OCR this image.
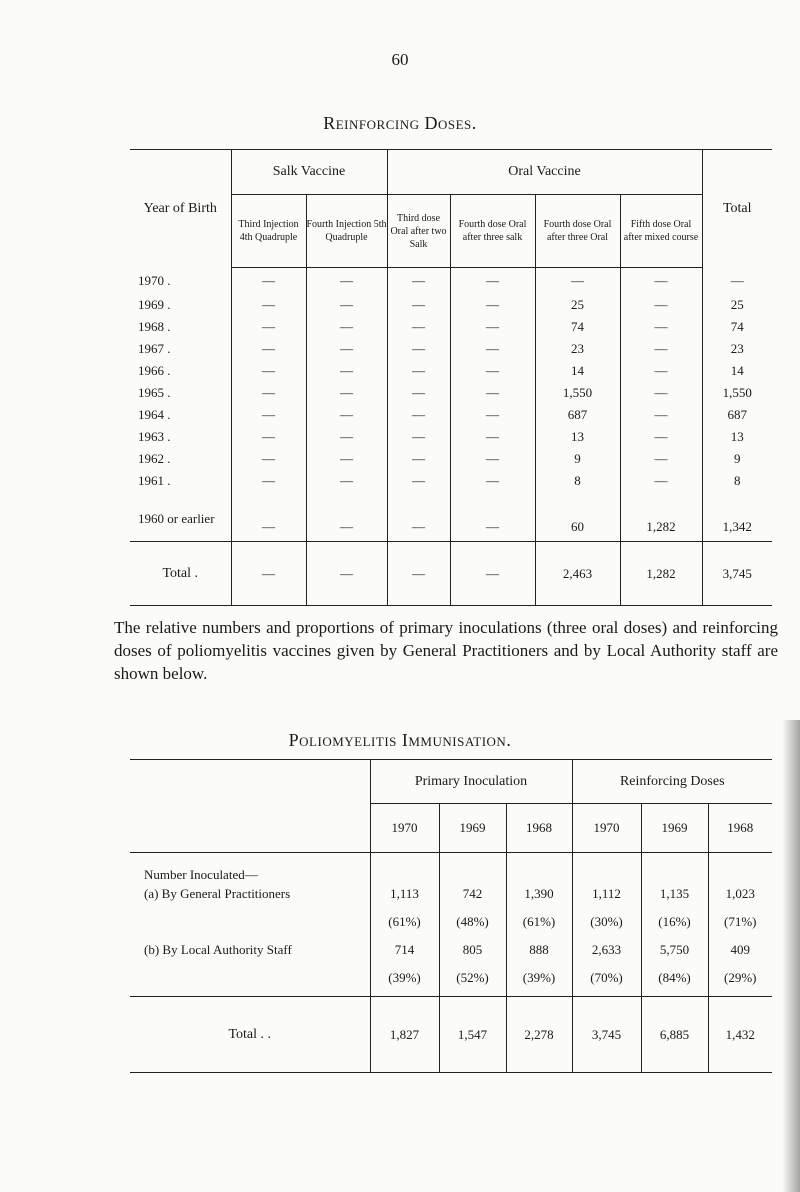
60
Reinforcing Doses.
Year of Birth	Salk Vaccine		Oral Vaccine				Total
	Third Injection 4th Quadruple	Fourth Injection 5th Quadruple	Third dose Oral after two Salk	Fourth dose Oral after three salk	Fourth dose Oral after three Oral	Fifth dose Oral after mixed course	
1970 .	—	—	—	—	—	—	—
1969 .	—	—	—	—	25	—	25
1968 .	—	—	—	—	74	—	74
1967 .	—	—	—	—	23	—	23
1966 .	—	—	—	—	14	—	14
1965 .	—	—	—	—	1,550	—	1,550
1964 .	—	—	—	—	687	—	687
1963 .	—	—	—	—	13	—	13
1962 .	—	—	—	—	9	—	9
1961 .	—	—	—	—	8	—	8
1960 or earlier	—	—	—	—	60	1,282	1,342
Total .	—	—	—	—	2,463	1,282	3,745
The relative numbers and proportions of primary inoculations (three oral doses) and reinforcing doses of poliomyelitis vaccines given by General Practitioners and by Local Authority staff are shown below.
Poliomyelitis Immunisation.
	Primary Inoculation			Reinforcing Doses		
	1970	1969	1968	1970	1969	1968
Number Inoculated—						
(a) By General Practitioners	1,113	742	1,390	1,112	1,135	1,023
	(61%)	(48%)	(61%)	(30%)	(16%)	(71%)
(b) By Local Authority Staff	714	805	888	2,633	5,750	409
	(39%)	(52%)	(39%)	(70%)	(84%)	(29%)
Total . .	1,827	1,547	2,278	3,745	6,885	1,432
